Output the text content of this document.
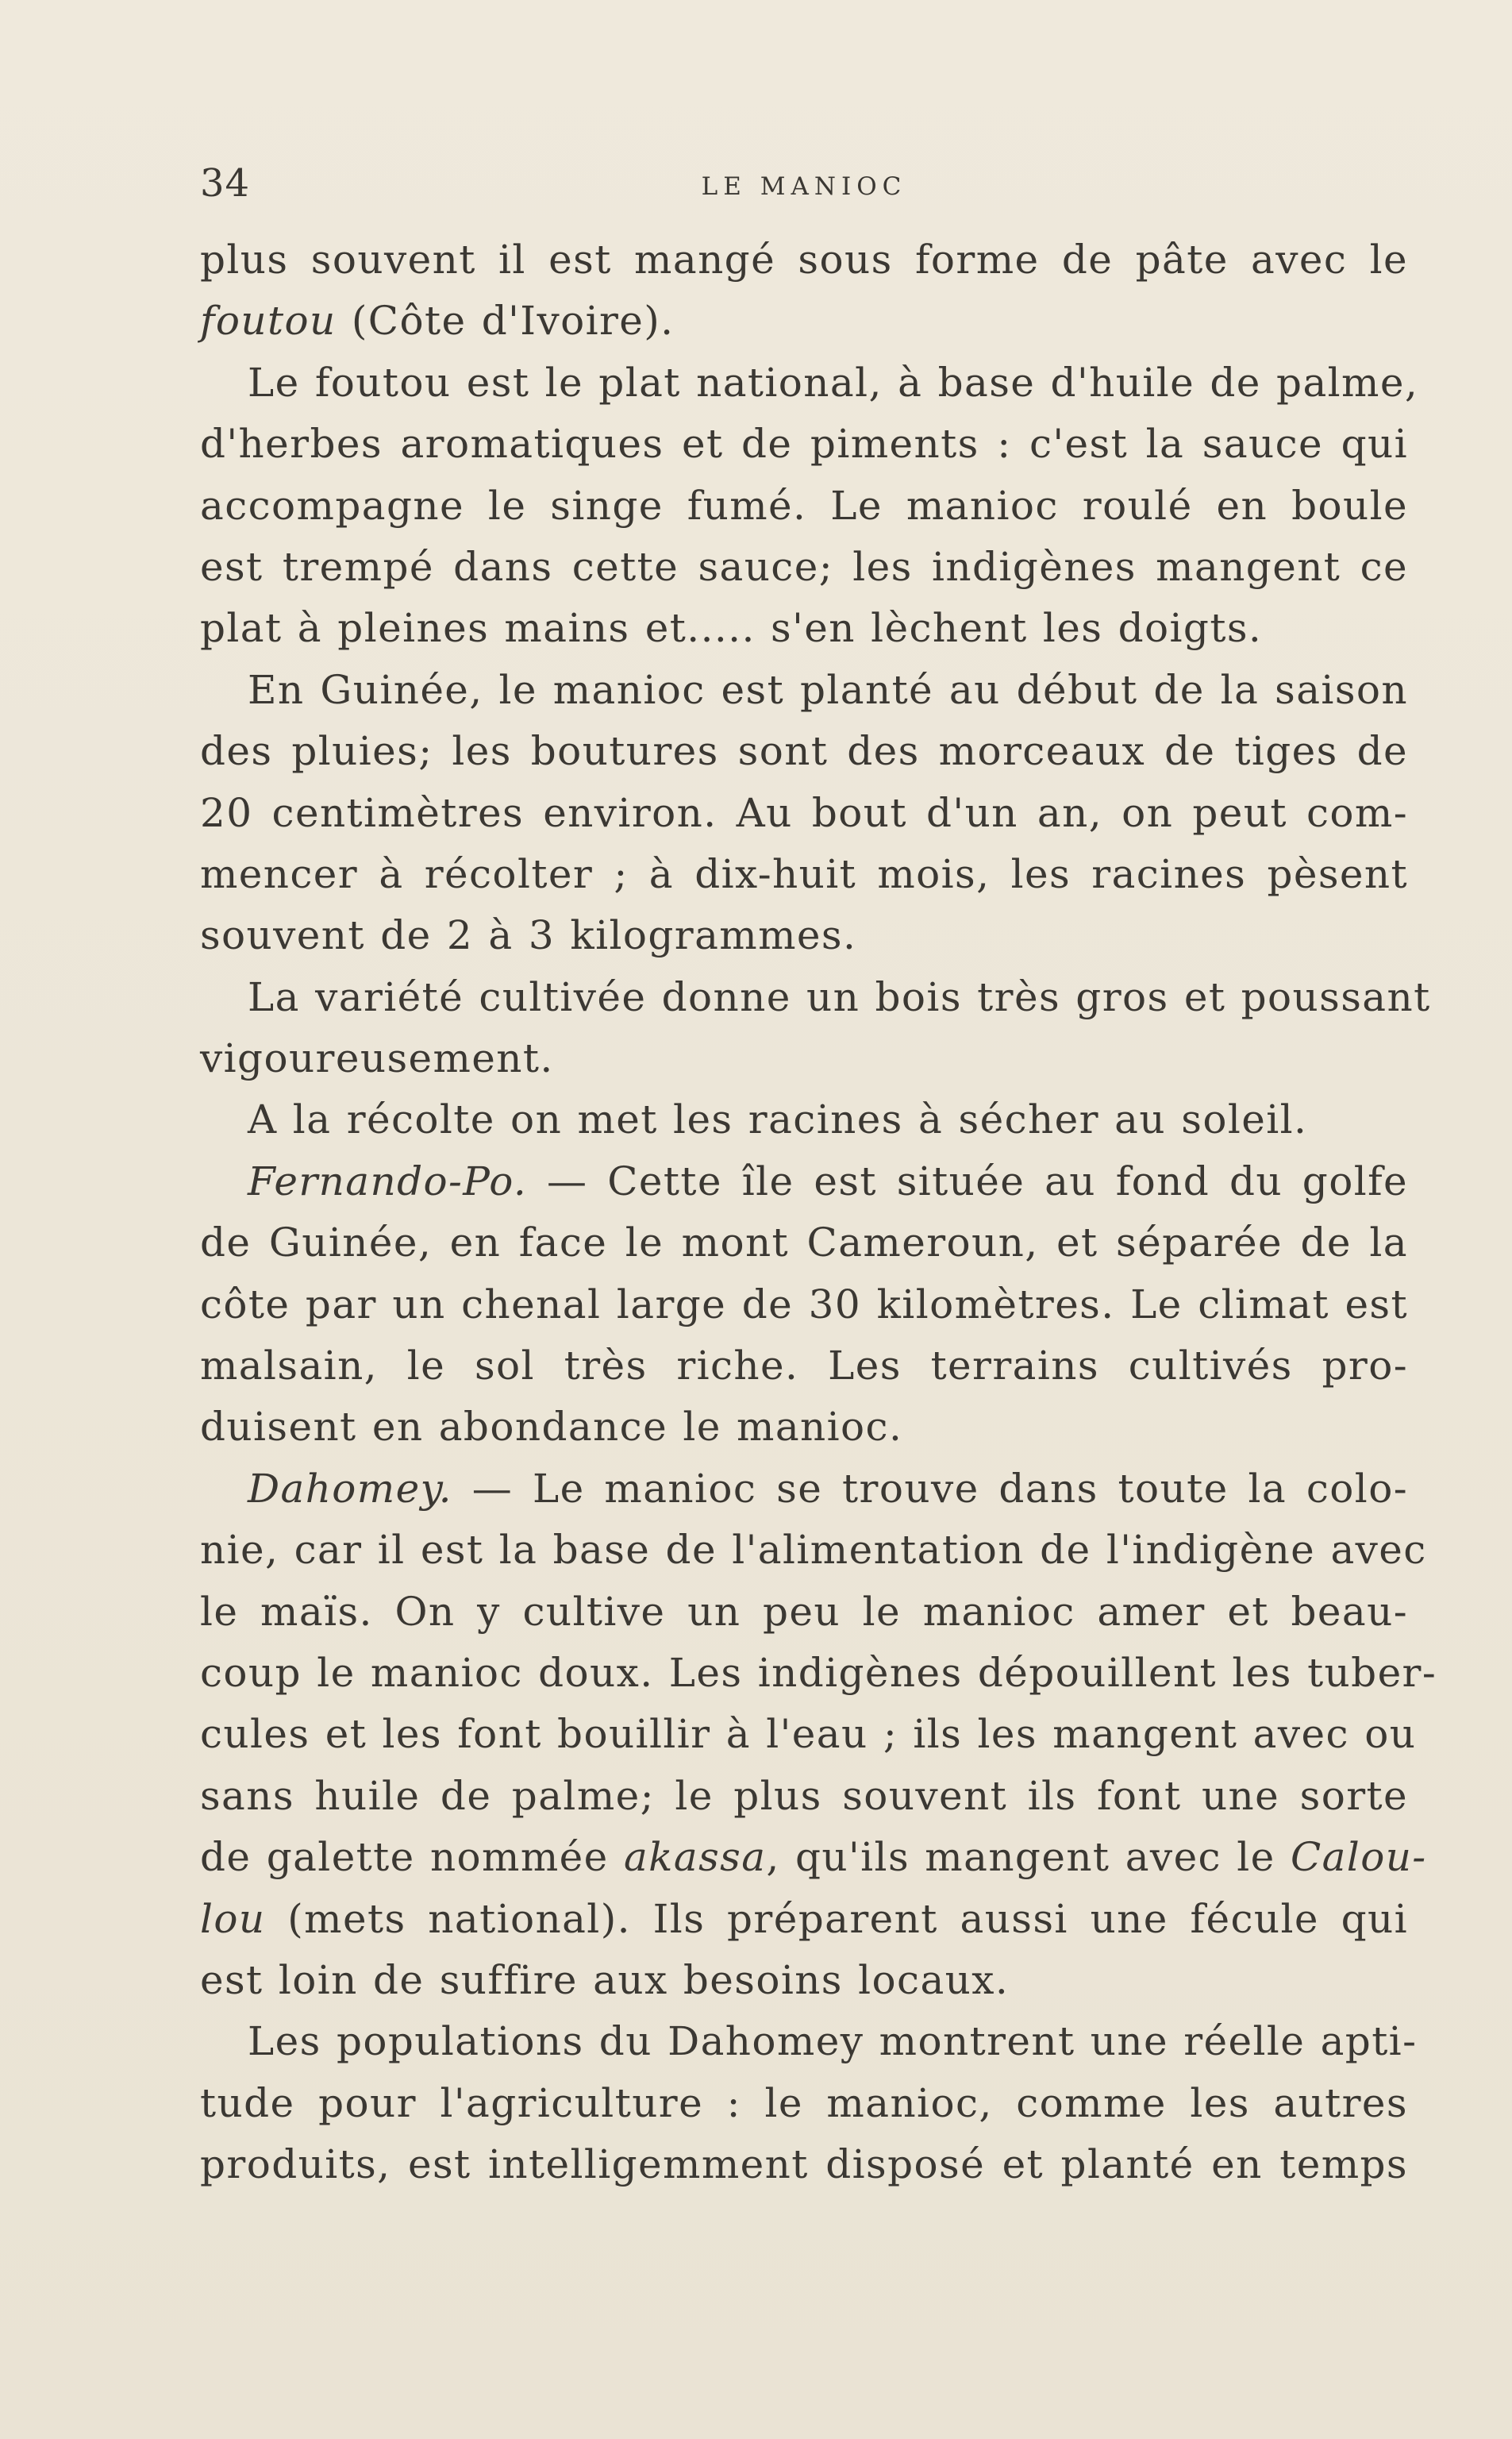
34	LE MANIOC
plus souvent il est mangé sous forme de pâte avec le
foutou (Côte d'Ivoire).
Le foutou est le plat national, à base d'huile de palme,
d'herbes aromatiques et de piments : c'est la sauce qui
accompagne le singe fumé. Le manioc roulé en boule
est trempé dans cette sauce; les indigènes mangent ce
plat à pleines mains et..... s'en lèchent les doigts.
En Guinée, le manioc est planté au début de la saison
des pluies; les boutures sont des morceaux de tiges de
20 centimètres environ. Au bout d'un an, on peut com-
mencer à récolter ; à dix-huit mois, les racines pèsent
souvent de 2 à 3 kilogrammes.
La variété cultivée donne un bois très gros et poussant
vigoureusement.
A la récolte on met les racines à sécher au soleil.
Fernando-Po. — Cette île est située au fond du golfe
de Guinée, en face le mont Cameroun, et séparée de la
côte par un chenal large de 30 kilomètres. Le climat est
malsain, le sol très riche. Les terrains cultivés pro-
duisent en abondance le manioc.
Dahomey. — Le manioc se trouve dans toute la colo-
nie, car il est la base de l'alimentation de l'indigène avec
le maïs. On y cultive un peu le manioc amer et beau-
coup le manioc doux. Les indigènes dépouillent les tuber-
cules et les font bouillir à l'eau ; ils les mangent avec ou
sans huile de palme; le plus souvent ils font une sorte
de galette nommée akassa, qu'ils mangent avec le Calou-
lou (mets national). Ils préparent aussi une fécule qui
est loin de suffire aux besoins locaux.
Les populations du Dahomey montrent une réelle apti-
tude pour l'agriculture : le manioc, comme les autres
produits, est intelligemment disposé et planté en temps
